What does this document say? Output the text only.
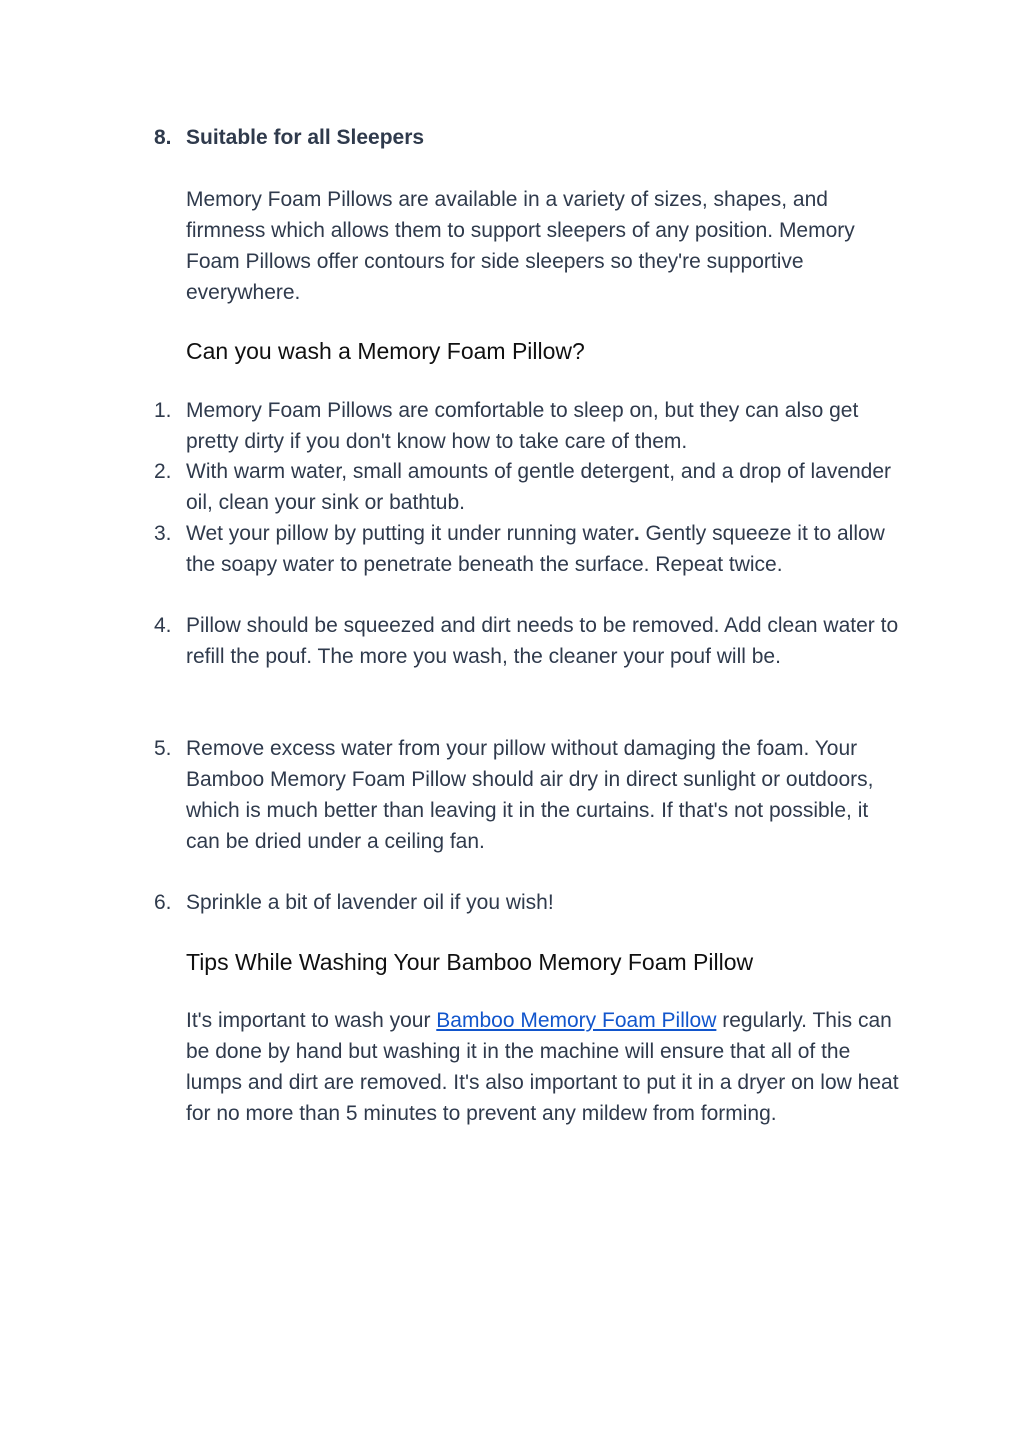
8. Suitable for all Sleepers
Memory Foam Pillows are available in a variety of sizes, shapes, and firmness which allows them to support sleepers of any position. Memory Foam Pillows offer contours for side sleepers so they're supportive everywhere.
Can you wash a Memory Foam Pillow?
1. Memory Foam Pillows are comfortable to sleep on, but they can also get pretty dirty if you don't know how to take care of them.
2. With warm water, small amounts of gentle detergent, and a drop of lavender oil, clean your sink or bathtub.
3. Wet your pillow by putting it under running water. Gently squeeze it to allow the soapy water to penetrate beneath the surface. Repeat twice.
4. Pillow should be squeezed and dirt needs to be removed. Add clean water to refill the pouf. The more you wash, the cleaner your pouf will be.
5. Remove excess water from your pillow without damaging the foam. Your Bamboo Memory Foam Pillow should air dry in direct sunlight or outdoors, which is much better than leaving it in the curtains. If that's not possible, it can be dried under a ceiling fan.
6. Sprinkle a bit of lavender oil if you wish!
Tips While Washing Your Bamboo Memory Foam Pillow
It's important to wash your Bamboo Memory Foam Pillow regularly. This can be done by hand but washing it in the machine will ensure that all of the lumps and dirt are removed. It's also important to put it in a dryer on low heat for no more than 5 minutes to prevent any mildew from forming.
